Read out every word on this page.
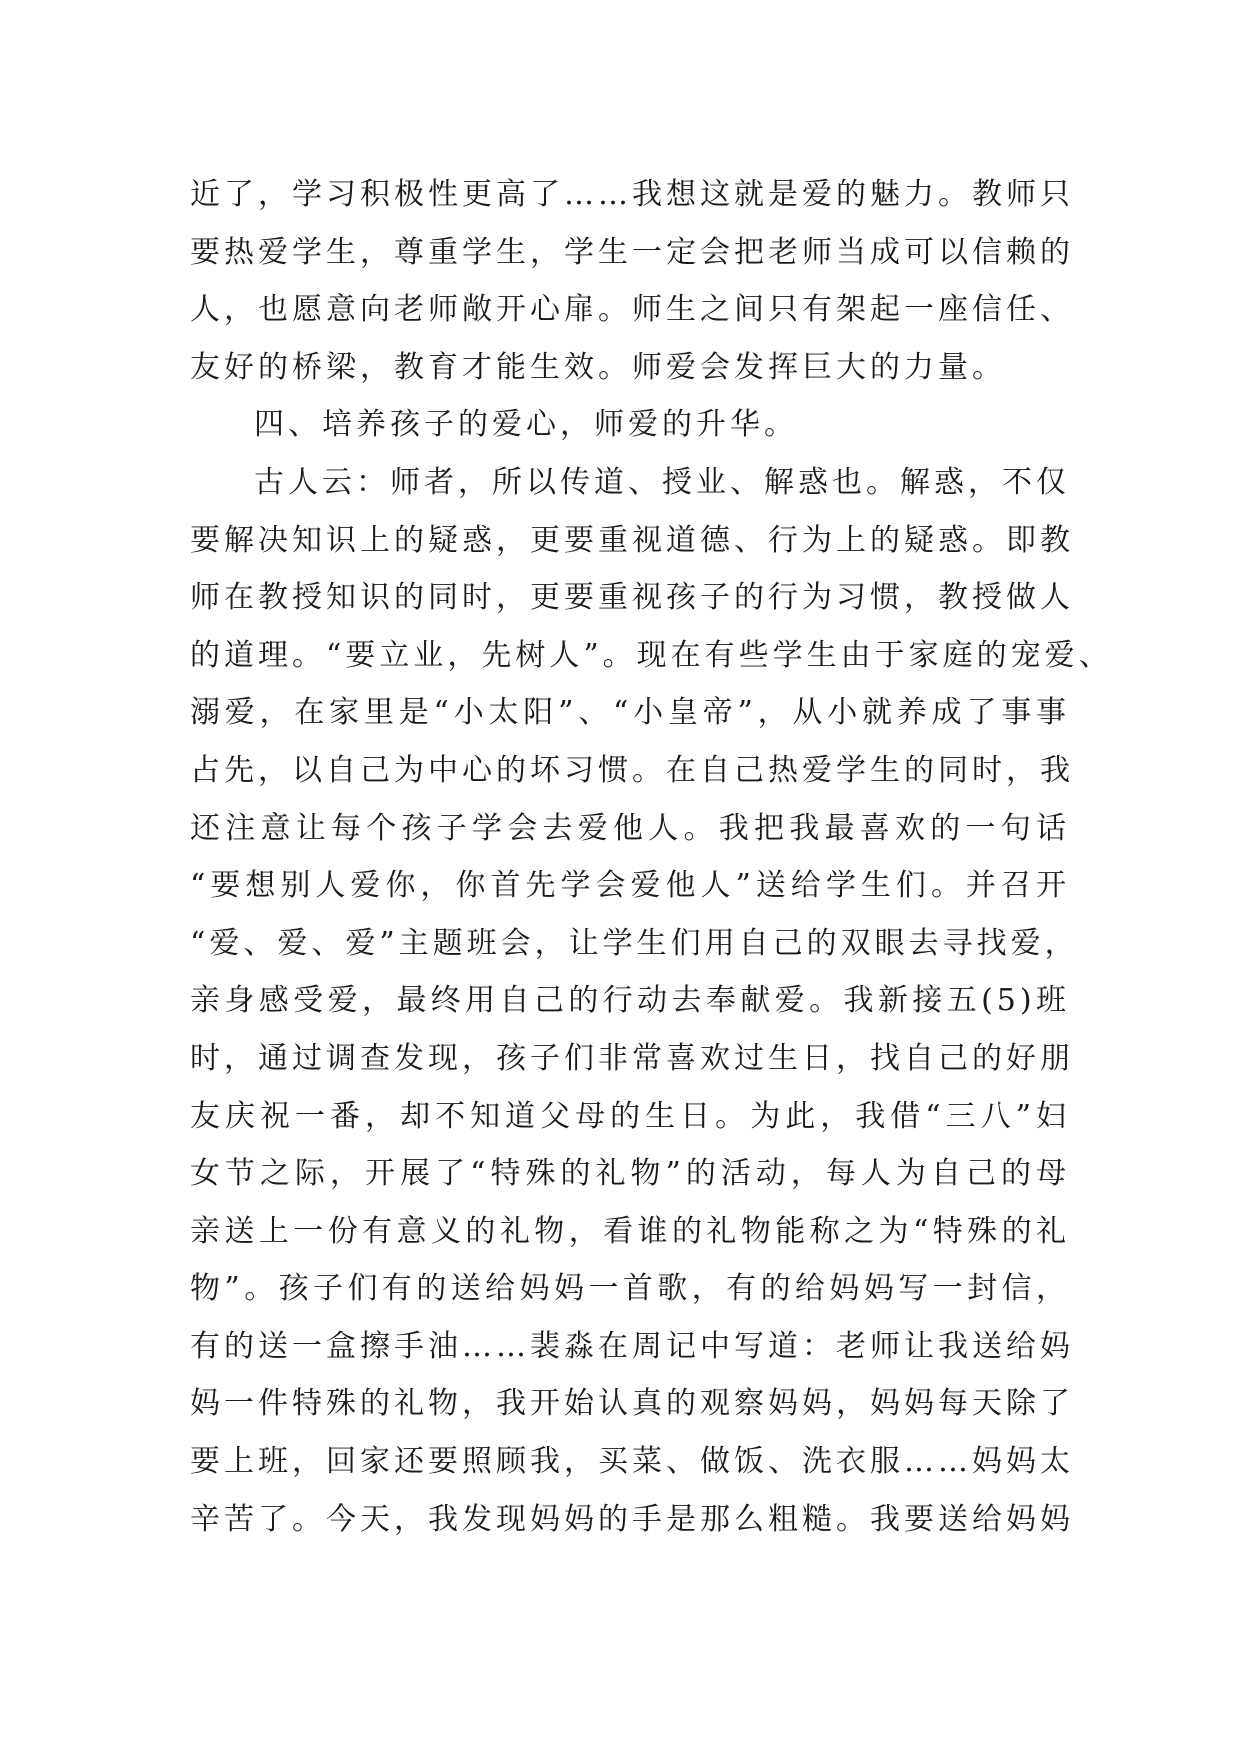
近了，学习积极性更高了……我想这就是爱的魅力。教师只
要热爱学生，尊重学生，学生一定会把老师当成可以信赖的
人，也愿意向老师敞开心扉。师生之间只有架起一座信任、
友好的桥梁，教育才能生效。师爱会发挥巨大的力量。
四、培养孩子的爱心，师爱的升华。
古人云：师者，所以传道、授业、解惑也。解惑，不仅
要解决知识上的疑惑，更要重视道德、行为上的疑惑。即教
师在教授知识的同时，更要重视孩子的行为习惯，教授做人
的道理。“要立业，先树人”。现在有些学生由于家庭的宠爱、
溺爱，在家里是“小太阳”、“小皇帝”，从小就养成了事事
占先，以自己为中心的坏习惯。在自己热爱学生的同时，我
还注意让每个孩子学会去爱他人。我把我最喜欢的一句话
“要想别人爱你，你首先学会爱他人”送给学生们。并召开
“爱、爱、爱”主题班会，让学生们用自己的双眼去寻找爱，
亲身感受爱，最终用自己的行动去奉献爱。我新接五(5)班
时，通过调查发现，孩子们非常喜欢过生日，找自己的好朋
友庆祝一番，却不知道父母的生日。为此，我借“三八”妇
女节之际，开展了“特殊的礼物”的活动，每人为自己的母
亲送上一份有意义的礼物，看谁的礼物能称之为“特殊的礼
物”。孩子们有的送给妈妈一首歌，有的给妈妈写一封信，
有的送一盒擦手油……裴淼在周记中写道：老师让我送给妈
妈一件特殊的礼物，我开始认真的观察妈妈，妈妈每天除了
要上班，回家还要照顾我，买菜、做饭、洗衣服……妈妈太
辛苦了。今天，我发现妈妈的手是那么粗糙。我要送给妈妈
